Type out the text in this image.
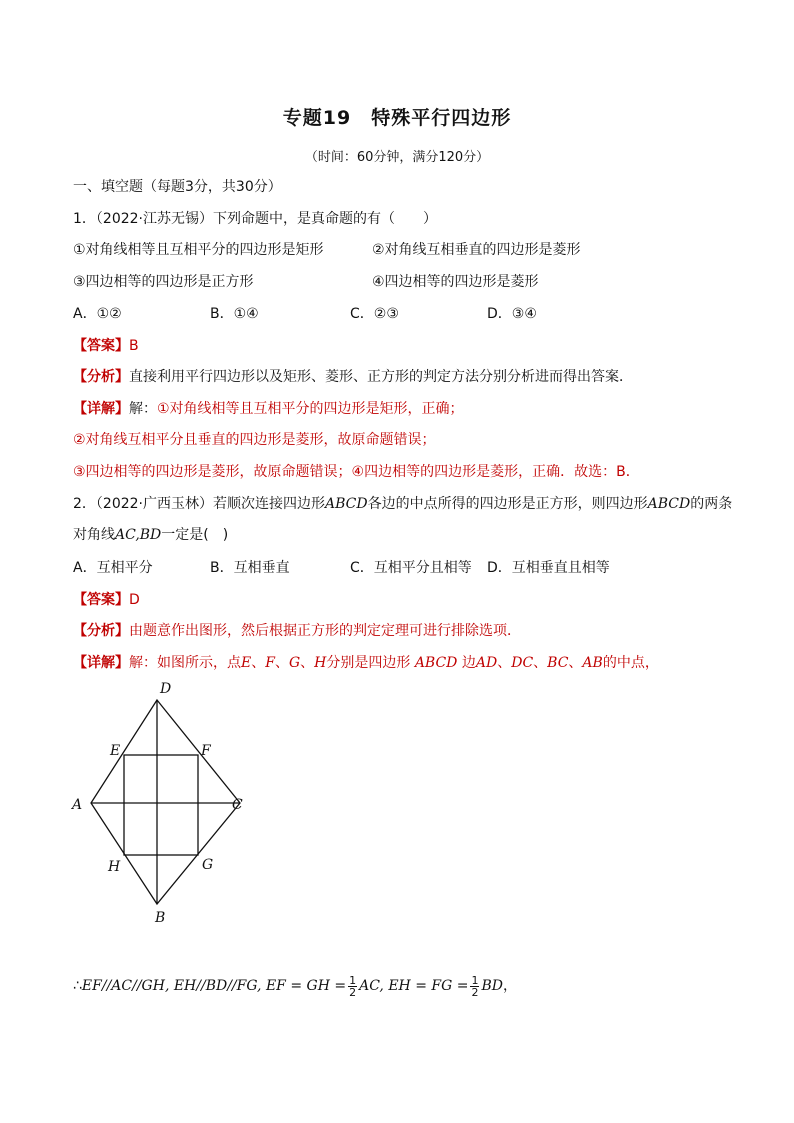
专题19　特殊平行四边形
（时间：60分钟，满分120分）
一、填空题（每题3分，共30分）
1．（2022·江苏无锡）下列命题中，是真命题的有（　　）
①对角线相等且互相平分的四边形是矩形	②对角线互相垂直的四边形是菱形
③四边相等的四边形是正方形	④四边相等的四边形是菱形
A．①②	B．①④	C．②③	D．③④
【答案】B
【分析】直接利用平行四边形以及矩形、菱形、正方形的判定方法分别分析进而得出答案．
【详解】解：①对角线相等且互相平分的四边形是矩形，正确；
②对角线互相平分且垂直的四边形是菱形，故原命题错误；
③四边相等的四边形是菱形，故原命题错误；④四边相等的四边形是菱形，正确．故选：B．
2．（2022·广西玉林）若顺次连接四边形ABCD各边的中点所得的四边形是正方形，则四边形ABCD的两条
对角线AC,BD一定是(　)
A．互相平分	B．互相垂直	C．互相平分且相等 D．互相垂直且相等
【答案】D
【分析】由题意作出图形，然后根据正方形的判定定理可进行排除选项．
【详解】解：如图所示，点E、F、G、H分别是四边形 ABCD 边AD、DC、BC、AB的中点，
D
E	F
A	C
H	G
B
∴EF//AC//GH, EH//BD//FG, EF = GH = $\frac{1}{2}$ AC, EH = FG = $\frac{1}{2}$ BD，
